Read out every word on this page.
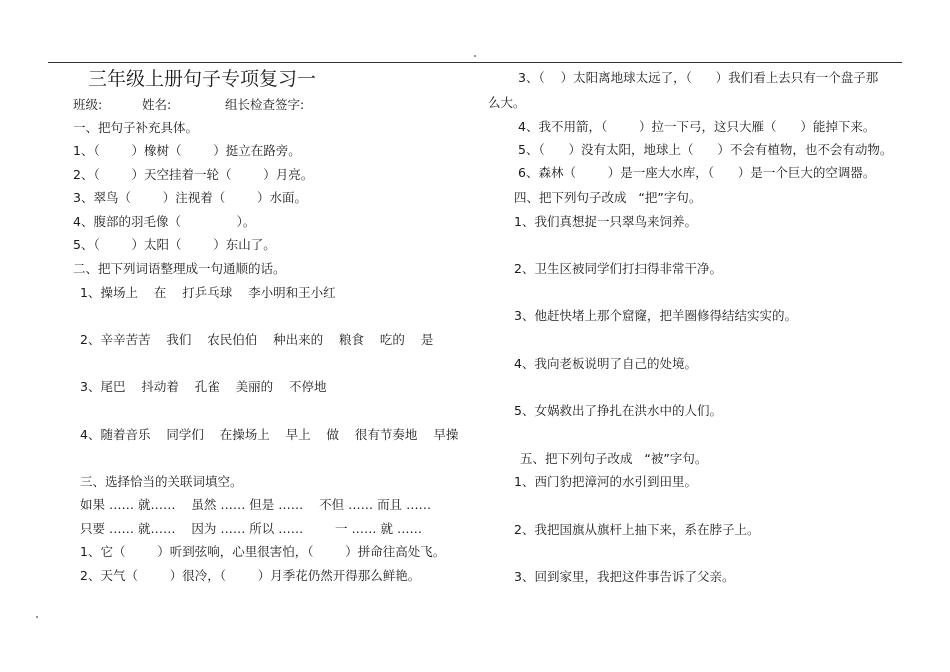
三年级上册句子专项复习一
班级:	姓名:	组长检查签字:
一、把句子补充具体。
1、（        ）橡树（        ）挺立在路旁。
2、（        ）天空挂着一轮（        ）月亮。
3、翠鸟（        ）注视着（        ）水面。
4、腹部的羽毛像（              ）。
5、（        ）太阳（        ）东山了。
二、把下列词语整理成一句通顺的话。
1、操场上    在    打乒乓球    李小明和王小红
2、辛辛苦苦    我们    农民伯伯    种出来的    粮食    吃的    是
3、尾巴    抖动着    孔雀    美丽的    不停地
4、随着音乐    同学们    在操场上    早上    做    很有节奏地    早操
三、选择恰当的关联词填空。
如果 …… 就……    虽然 …… 但是 ……    不但 …… 而且 ……
只要 …… 就……    因为 …… 所以 ……        一 …… 就 ……
1、它（        ）听到弦响，心里很害怕，（        ）拼命往高处飞。
2、天气（        ）很冷，（        ）月季花仍然开得那么鲜艳。
3、（    ）太阳离地球太远了，（      ）我们看上去只有一个盘子那
么大。
4、我不用箭，（        ）拉一下弓，这只大雁（      ）能掉下来。
5、（      ）没有太阳，地球上（      ）不会有植物，也不会有动物。
6、森林（        ）是一座大水库，（      ）是一个巨大的空调器。
四、把下列句子改成   “把”字句。
1、我们真想捉一只翠鸟来饲养。
2、卫生区被同学们打扫得非常干净。
3、他赶快堵上那个窟窿，把羊圈修得结结实实的。
4、我向老板说明了自己的处境。
5、女娲救出了挣扎在洪水中的人们。
五、把下列句子改成   “被”字句。
1、西门豹把漳河的水引到田里。
2、我把国旗从旗杆上抽下来，系在脖子上。
3、回到家里，我把这件事告诉了父亲。
